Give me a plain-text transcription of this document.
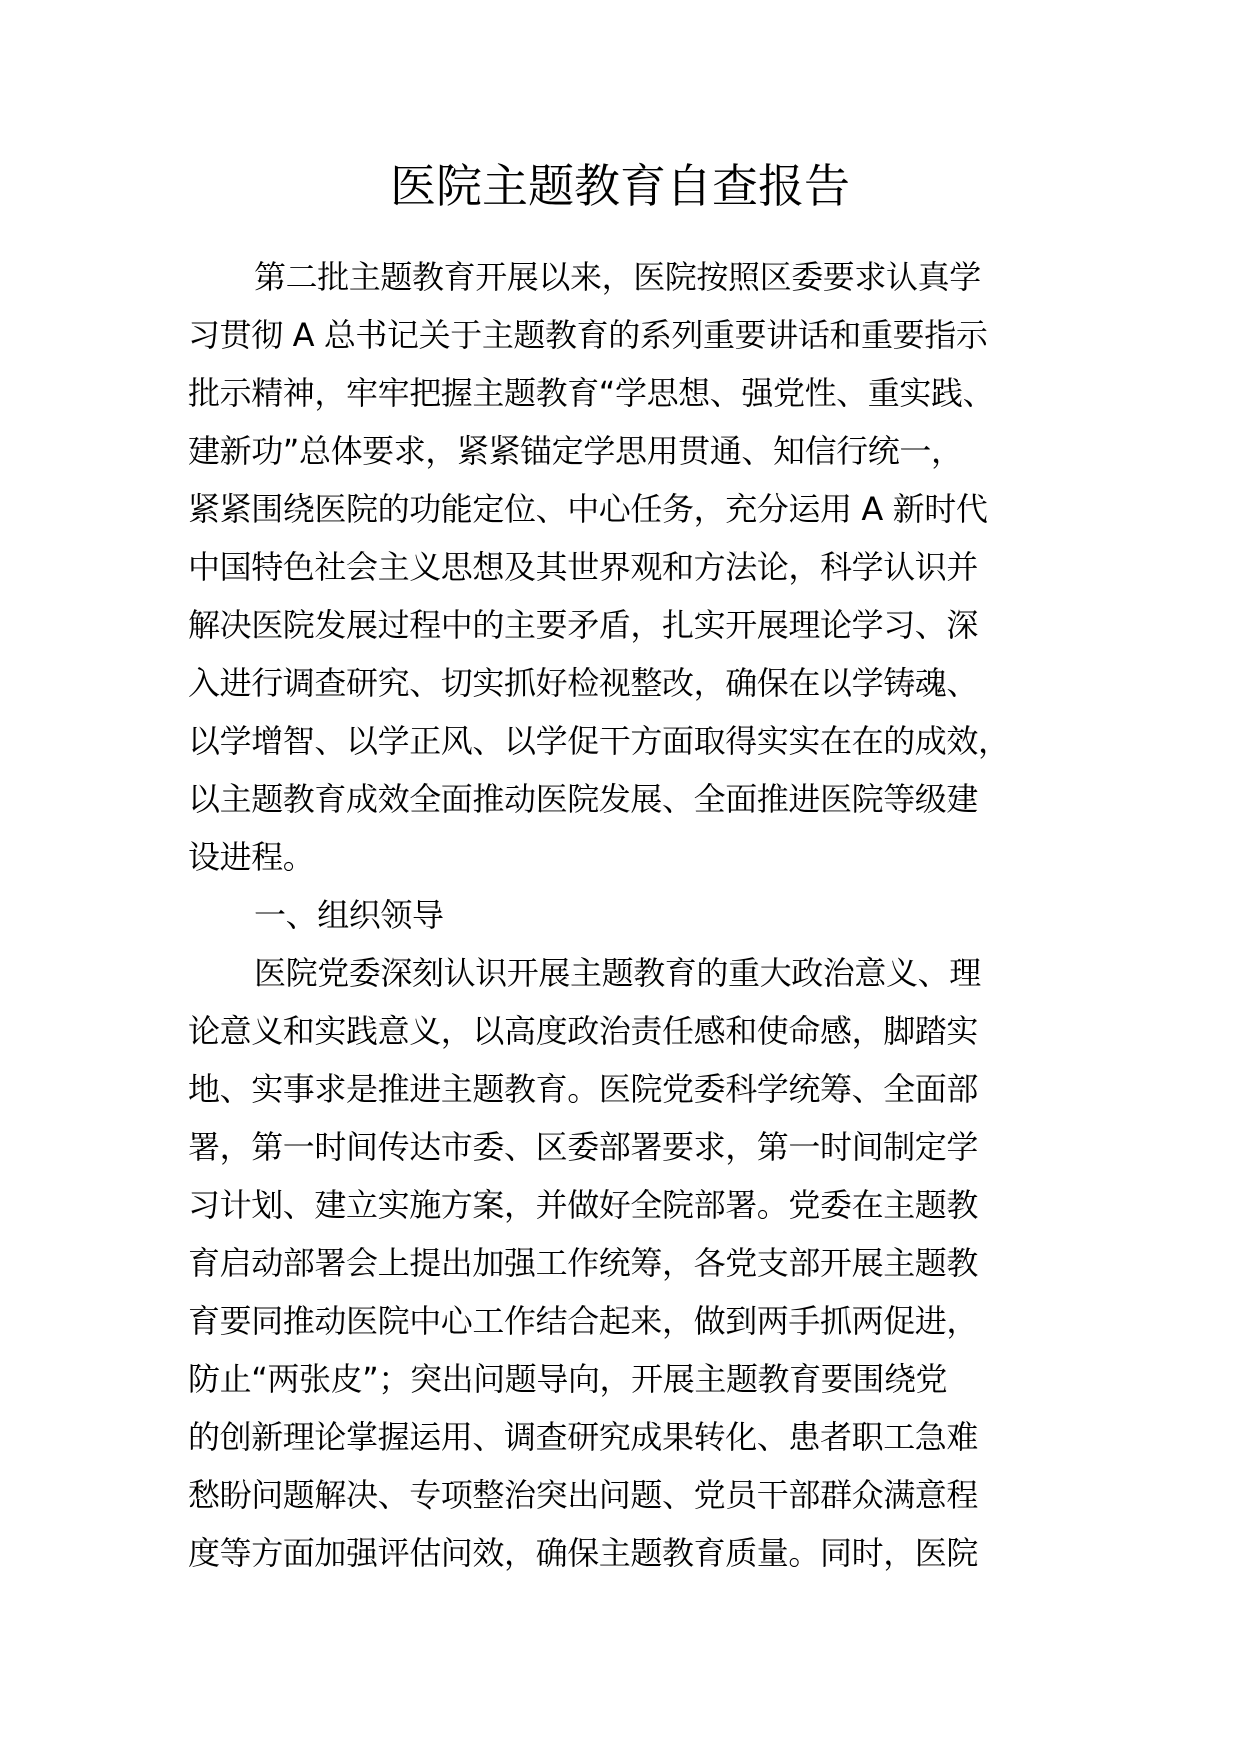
医院主题教育自查报告
第二批主题教育开展以来，医院按照区委要求认真学
习贯彻 A 总书记关于主题教育的系列重要讲话和重要指示
批示精神，牢牢把握主题教育“学思想、强党性、重实践、
建新功”总体要求，紧紧锚定学思用贯通、知信行统一，
紧紧围绕医院的功能定位、中心任务，充分运用 A 新时代
中国特色社会主义思想及其世界观和方法论，科学认识并
解决医院发展过程中的主要矛盾，扎实开展理论学习、深
入进行调查研究、切实抓好检视整改，确保在以学铸魂、
以学增智、以学正风、以学促干方面取得实实在在的成效，
以主题教育成效全面推动医院发展、全面推进医院等级建
设进程。
一、组织领导
医院党委深刻认识开展主题教育的重大政治意义、理
论意义和实践意义，以高度政治责任感和使命感，脚踏实
地、实事求是推进主题教育。医院党委科学统筹、全面部
署，第一时间传达市委、区委部署要求，第一时间制定学
习计划、建立实施方案，并做好全院部署。党委在主题教
育启动部署会上提出加强工作统筹，各党支部开展主题教
育要同推动医院中心工作结合起来，做到两手抓两促进，
防止“两张皮”；突出问题导向，开展主题教育要围绕党
的创新理论掌握运用、调查研究成果转化、患者职工急难
愁盼问题解决、专项整治突出问题、党员干部群众满意程
度等方面加强评估问效，确保主题教育质量。同时，医院
